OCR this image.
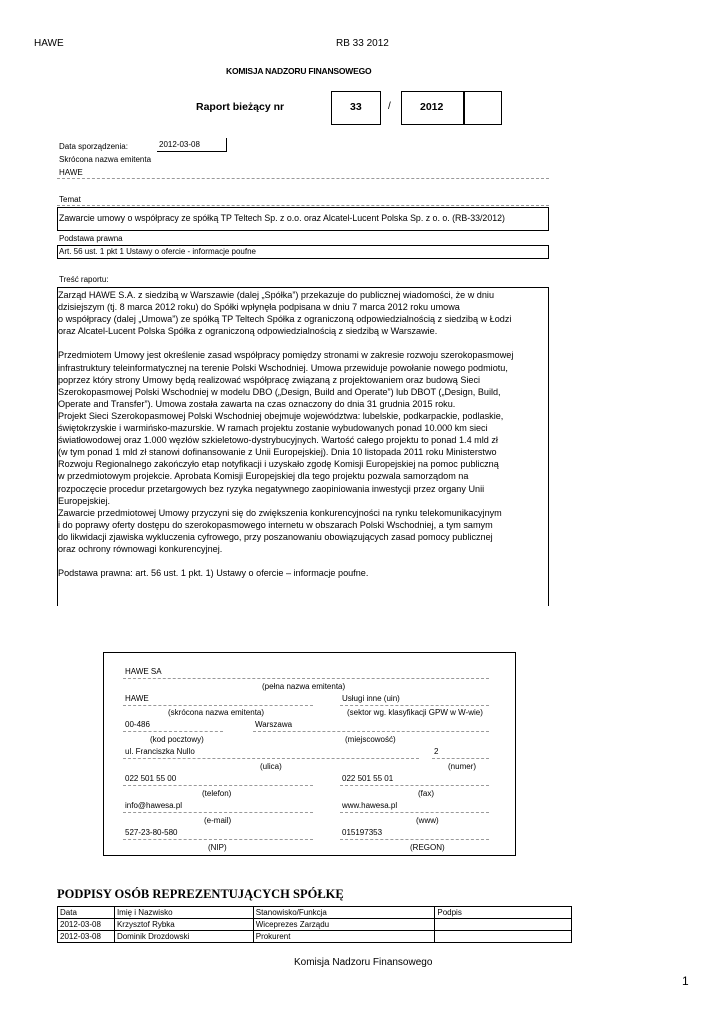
HAWE	RB 33 2012
KOMISJA NADZORU FINANSOWEGO
Raport bieżący nr	33	/	2012
Data sporządzenia:	2012-03-08
Skrócona nazwa emitenta
HAWE
Temat
Zawarcie umowy o współpracy ze spółką TP Teltech Sp. z o.o. oraz Alcatel-Lucent Polska Sp. z o. o. (RB-33/2012)
Podstawa prawna
Art. 56 ust. 1 pkt 1 Ustawy o ofercie - informacje poufne
Treść raportu:
Zarząd HAWE S.A. z siedzibą w Warszawie (dalej „Spółka”) przekazuje do publicznej wiadomości, że w dniu
dzisiejszym (tj. 8 marca 2012 roku) do Spółki wpłynęła podpisana w dniu 7 marca 2012 roku umowa
o współpracy (dalej „Umowa”) ze spółką TP Teltech Spółka z ograniczoną odpowiedzialnością z siedzibą w Łodzi
oraz Alcatel-Lucent Polska Spółka z ograniczoną odpowiedzialnością z siedzibą w Warszawie.
Przedmiotem Umowy jest określenie zasad współpracy pomiędzy stronami w zakresie rozwoju szerokopasmowej
infrastruktury teleinformatycznej na terenie Polski Wschodniej. Umowa przewiduje powołanie nowego podmiotu,
poprzez który strony Umowy będą realizować współpracę związaną z projektowaniem oraz budową Sieci
Szerokopasmowej Polski Wschodniej w modelu DBO („Design, Build and Operate”) lub DBOT („Design, Build,
Operate and Transfer”). Umowa została zawarta na czas oznaczony do dnia 31 grudnia 2015 roku.
Projekt Sieci Szerokopasmowej Polski Wschodniej obejmuje województwa: lubelskie, podkarpackie, podlaskie,
świętokrzyskie i warmińsko-mazurskie. W ramach projektu zostanie wybudowanych ponad 10.000 km sieci
światłowodowej oraz 1.000 węzłów szkieletowo-dystrybucyjnych. Wartość całego projektu to ponad 1.4 mld zł
(w tym ponad 1 mld zł stanowi dofinansowanie z Unii Europejskiej). Dnia 10 listopada 2011 roku Ministerstwo
Rozwoju Regionalnego zakończyło etap notyfikacji i uzyskało zgodę Komisji Europejskiej na pomoc publiczną
w przedmiotowym projekcie. Aprobata Komisji Europejskiej dla tego projektu pozwala samorządom na
rozpoczęcie procedur przetargowych bez ryzyka negatywnego zaopiniowania inwestycji przez organy Unii
Europejskiej.
Zawarcie przedmiotowej Umowy przyczyni się do zwiększenia konkurencyjności na rynku telekomunikacyjnym
i do poprawy oferty dostępu do szerokopasmowego internetu w obszarach Polski Wschodniej, a tym samym
do likwidacji zjawiska wykluczenia cyfrowego, przy poszanowaniu obowiązujących zasad pomocy publicznej
oraz ochrony równowagi konkurencyjnej.
Podstawa prawna: art. 56 ust. 1 pkt. 1) Ustawy o ofercie – informacje poufne.
HAWE SA
(pełna nazwa emitenta)
HAWE	Usługi inne (uin)
(skrócona nazwa emitenta)	(sektor wg. klasyfikacji GPW w W-wie)
00-486	Warszawa
(kod pocztowy)	(miejscowość)
ul. Franciszka Nullo	2
(ulica)	(numer)
022 501 55 00	022 501 55 01
(telefon)	(fax)
info@hawesa.pl	www.hawesa.pl
(e-mail)	(www)
527-23-80-580	015197353
(NIP)	(REGON)
PODPISY OSÓB REPREZENTUJĄCYCH SPÓŁKĘ
Data	Imię i Nazwisko	Stanowisko/Funkcja	Podpis
2012-03-08	Krzysztof Rybka	Wiceprezes Zarządu	
2012-03-08	Dominik Drozdowski	Prokurent	
Komisja Nadzoru Finansowego
1
